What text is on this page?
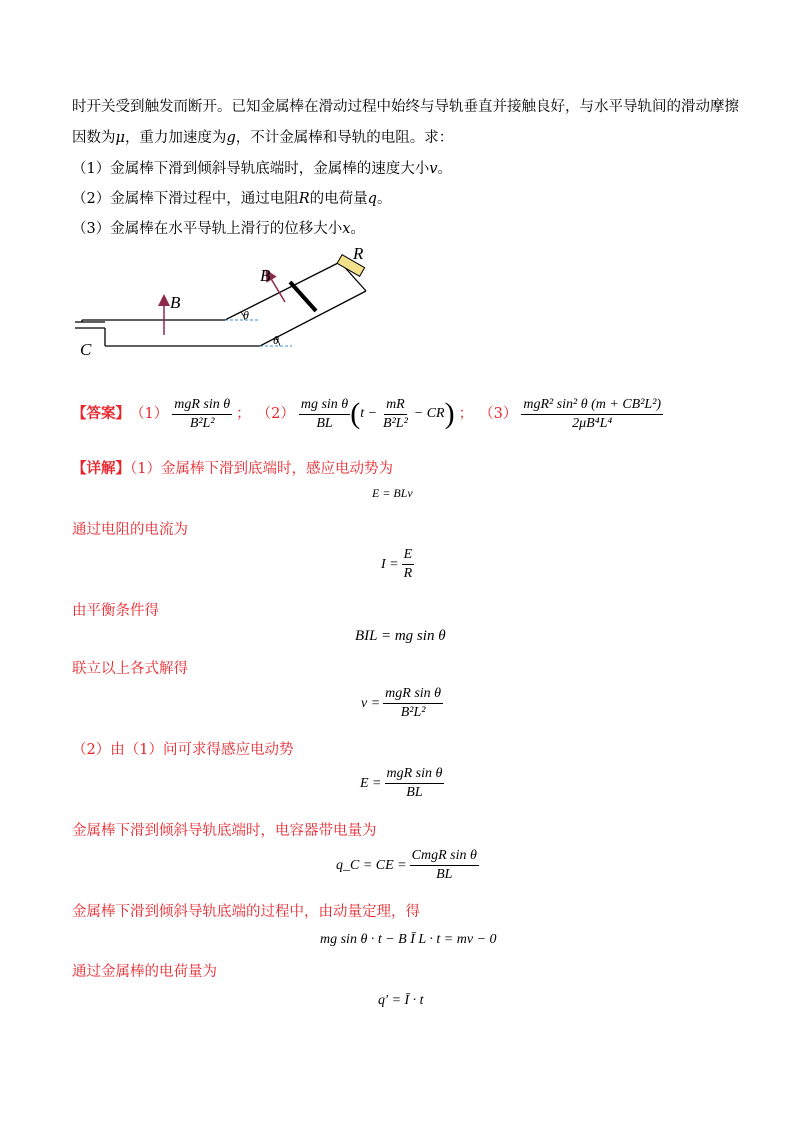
时开关受到触发而断开。已知金属棒在滑动过程中始终与导轨垂直并接触良好，与水平导轨间的滑动摩擦
因数为μ，重力加速度为g，不计金属棒和导轨的电阻。求：
（1）金属棒下滑到倾斜导轨底端时，金属棒的速度大小v。
（2）金属棒下滑过程中，通过电阻R的电荷量q。
（3）金属棒在水平导轨上滑行的位移大小x。
R
B
B
θ
θ
C
【答案】 $(1) \frac{\text{mgR sin θ}}{\text{B²L²}}$ ； $(2) \frac{\text{mg sin θ}}{BL}$ ( $t - \frac{mR}{\text{B²L²}}$ − CR ) ； $(3) \frac{\text{mgR² sin² θ (m + CB²L²)}}{\text{2μB⁴L⁴}}$
【详解】（1）金属棒下滑到底端时，感应电动势为
E = BLv
通过电阻的电流为
$I = \frac{E}{R}$
由平衡条件得
BIL = mg sin θ
联立以上各式解得
$v = \frac{\text{mgR sin θ}}{\text{B²L²}}$
（2）由（1）问可求得感应电动势
$E = \frac{\text{mgR sin θ}}{BL}$
金属棒下滑到倾斜导轨底端时，电容器带电量为
q_C = CE = $\frac{\text{CmgR sin θ}}{BL}$
金属棒下滑到倾斜导轨底端的过程中，由动量定理，得
mg sin θ · t − B Ī L · t = mv − 0
通过金属棒的电荷量为
q′ = Ī · t
